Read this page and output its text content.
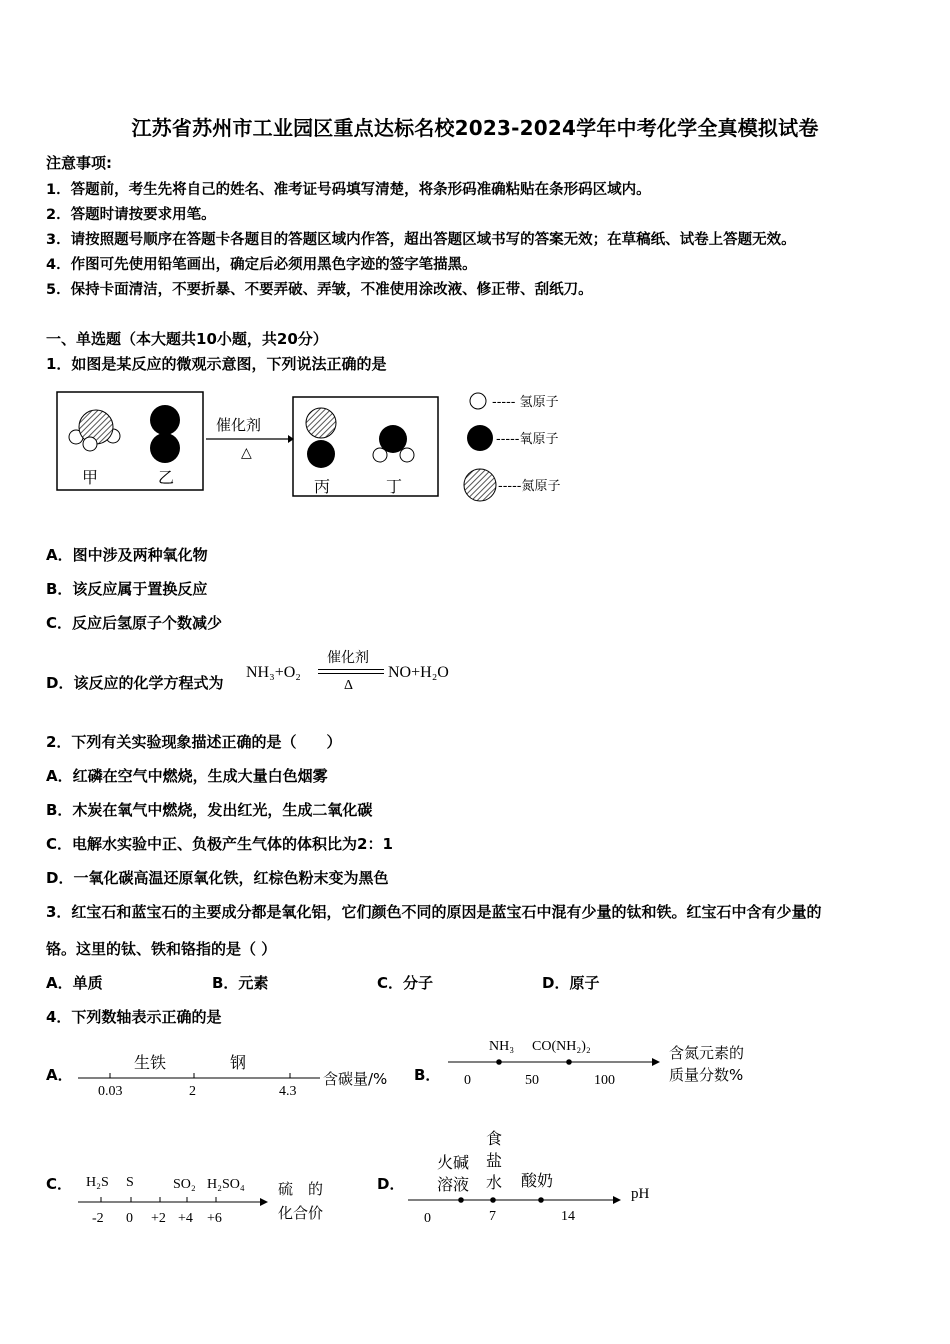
江苏省苏州市工业园区重点达标名校2023-2024学年中考化学全真模拟试卷
注意事项:
1．答题前，考生先将自己的姓名、准考证号码填写清楚，将条形码准确粘贴在条形码区域内。
2．答题时请按要求用笔。
3．请按照题号顺序在答题卡各题目的答题区域内作答，超出答题区域书写的答案无效；在草稿纸、试卷上答题无效。
4．作图可先使用铅笔画出，确定后必须用黑色字迹的签字笔描黑。
5．保持卡面清洁，不要折暴、不要弄破、弄皱，不准使用涂改液、修正带、刮纸刀。
一、单选题（本大题共10小题，共20分）
1．如图是某反应的微观示意图，下列说法正确的是
甲	乙
催化剂
△
丙	丁
----- 氢原子
-----氧原子
-----氮原子
A．图中涉及两种氧化物
B．该反应属于置换反应
C．反应后氢原子个数减少
D．该反应的化学方程式为
NH₃+O₂
催化剂
Δ
NO+H₂O
2．下列有关实验现象描述正确的是（　　）
A．红磷在空气中燃烧，生成大量白色烟雾
B．木炭在氧气中燃烧，发出红光，生成二氧化碳
C．电解水实验中正、负极产生气体的体积比为2：1
D．一氧化碳高温还原氧化铁，红棕色粉末变为黑色
3．红宝石和蓝宝石的主要成分都是氧化铝，它们颜色不同的原因是蓝宝石中混有少量的钛和铁。红宝石中含有少量的
铬。这里的钛、铁和铬指的是（ ）
A．单质	B．元素	C．分子	D．原子
4．下列数轴表示正确的是
A．
生铁	钢
0.03	2	4.3
含碳量/% B．
NH₃ CO(NH₂)₂
0	50	100
含氮元素的
质量分数%
C． H₂S S	SO₂ H₂SO₄
-2 0 +2 +4 +6
硫　的
化合价
D．
火碱
溶液
食
盐
水 酸奶
0	7	14
pH
